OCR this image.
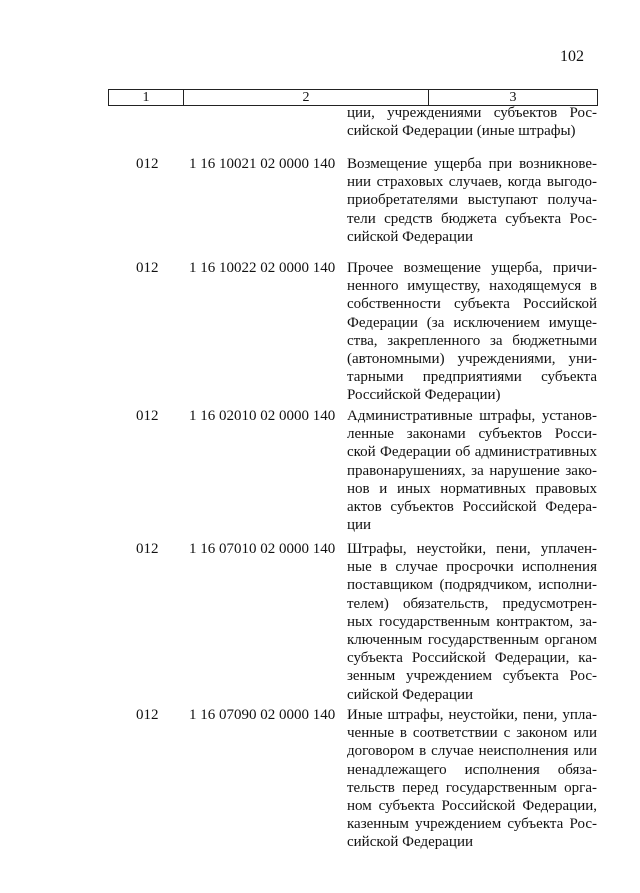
102
1	2	3
ции, учреждениями субъектов Рос-
сийской Федерации (иные штрафы)
012 1 16 10021 02 0000 140 Возмещение ущерба при возникнове-
нии страховых случаев, когда выгодо-
приобретателями выступают получа-
тели средств бюджета субъекта Рос-
сийской Федерации
012 1 16 10022 02 0000 140 Прочее возмещение ущерба, причи-
ненного имуществу, находящемуся в
собственности субъекта Российской
Федерации (за исключением имуще-
ства, закрепленного за бюджетными
(автономными) учреждениями, уни-
тарными предприятиями субъекта
Российской Федерации)
012 1 16 02010 02 0000 140 Административные штрафы, установ-
ленные законами субъектов Росси-
ской Федерации об административных
правонарушениях, за нарушение зако-
нов и иных нормативных правовых
актов субъектов Российской Федера-
ции
012 1 16 07010 02 0000 140 Штрафы, неустойки, пени, уплачен-
ные в случае просрочки исполнения
поставщиком (подрядчиком, исполни-
телем) обязательств, предусмотрен-
ных государственным контрактом, за-
ключенным государственным органом
субъекта Российской Федерации, ка-
зенным учреждением субъекта Рос-
сийской Федерации
012 1 16 07090 02 0000 140 Иные штрафы, неустойки, пени, упла-
ченные в соответствии с законом или
договором в случае неисполнения или
ненадлежащего исполнения обяза-
тельств перед государственным орга-
ном субъекта Российской Федерации,
казенным учреждением субъекта Рос-
сийской Федерации
